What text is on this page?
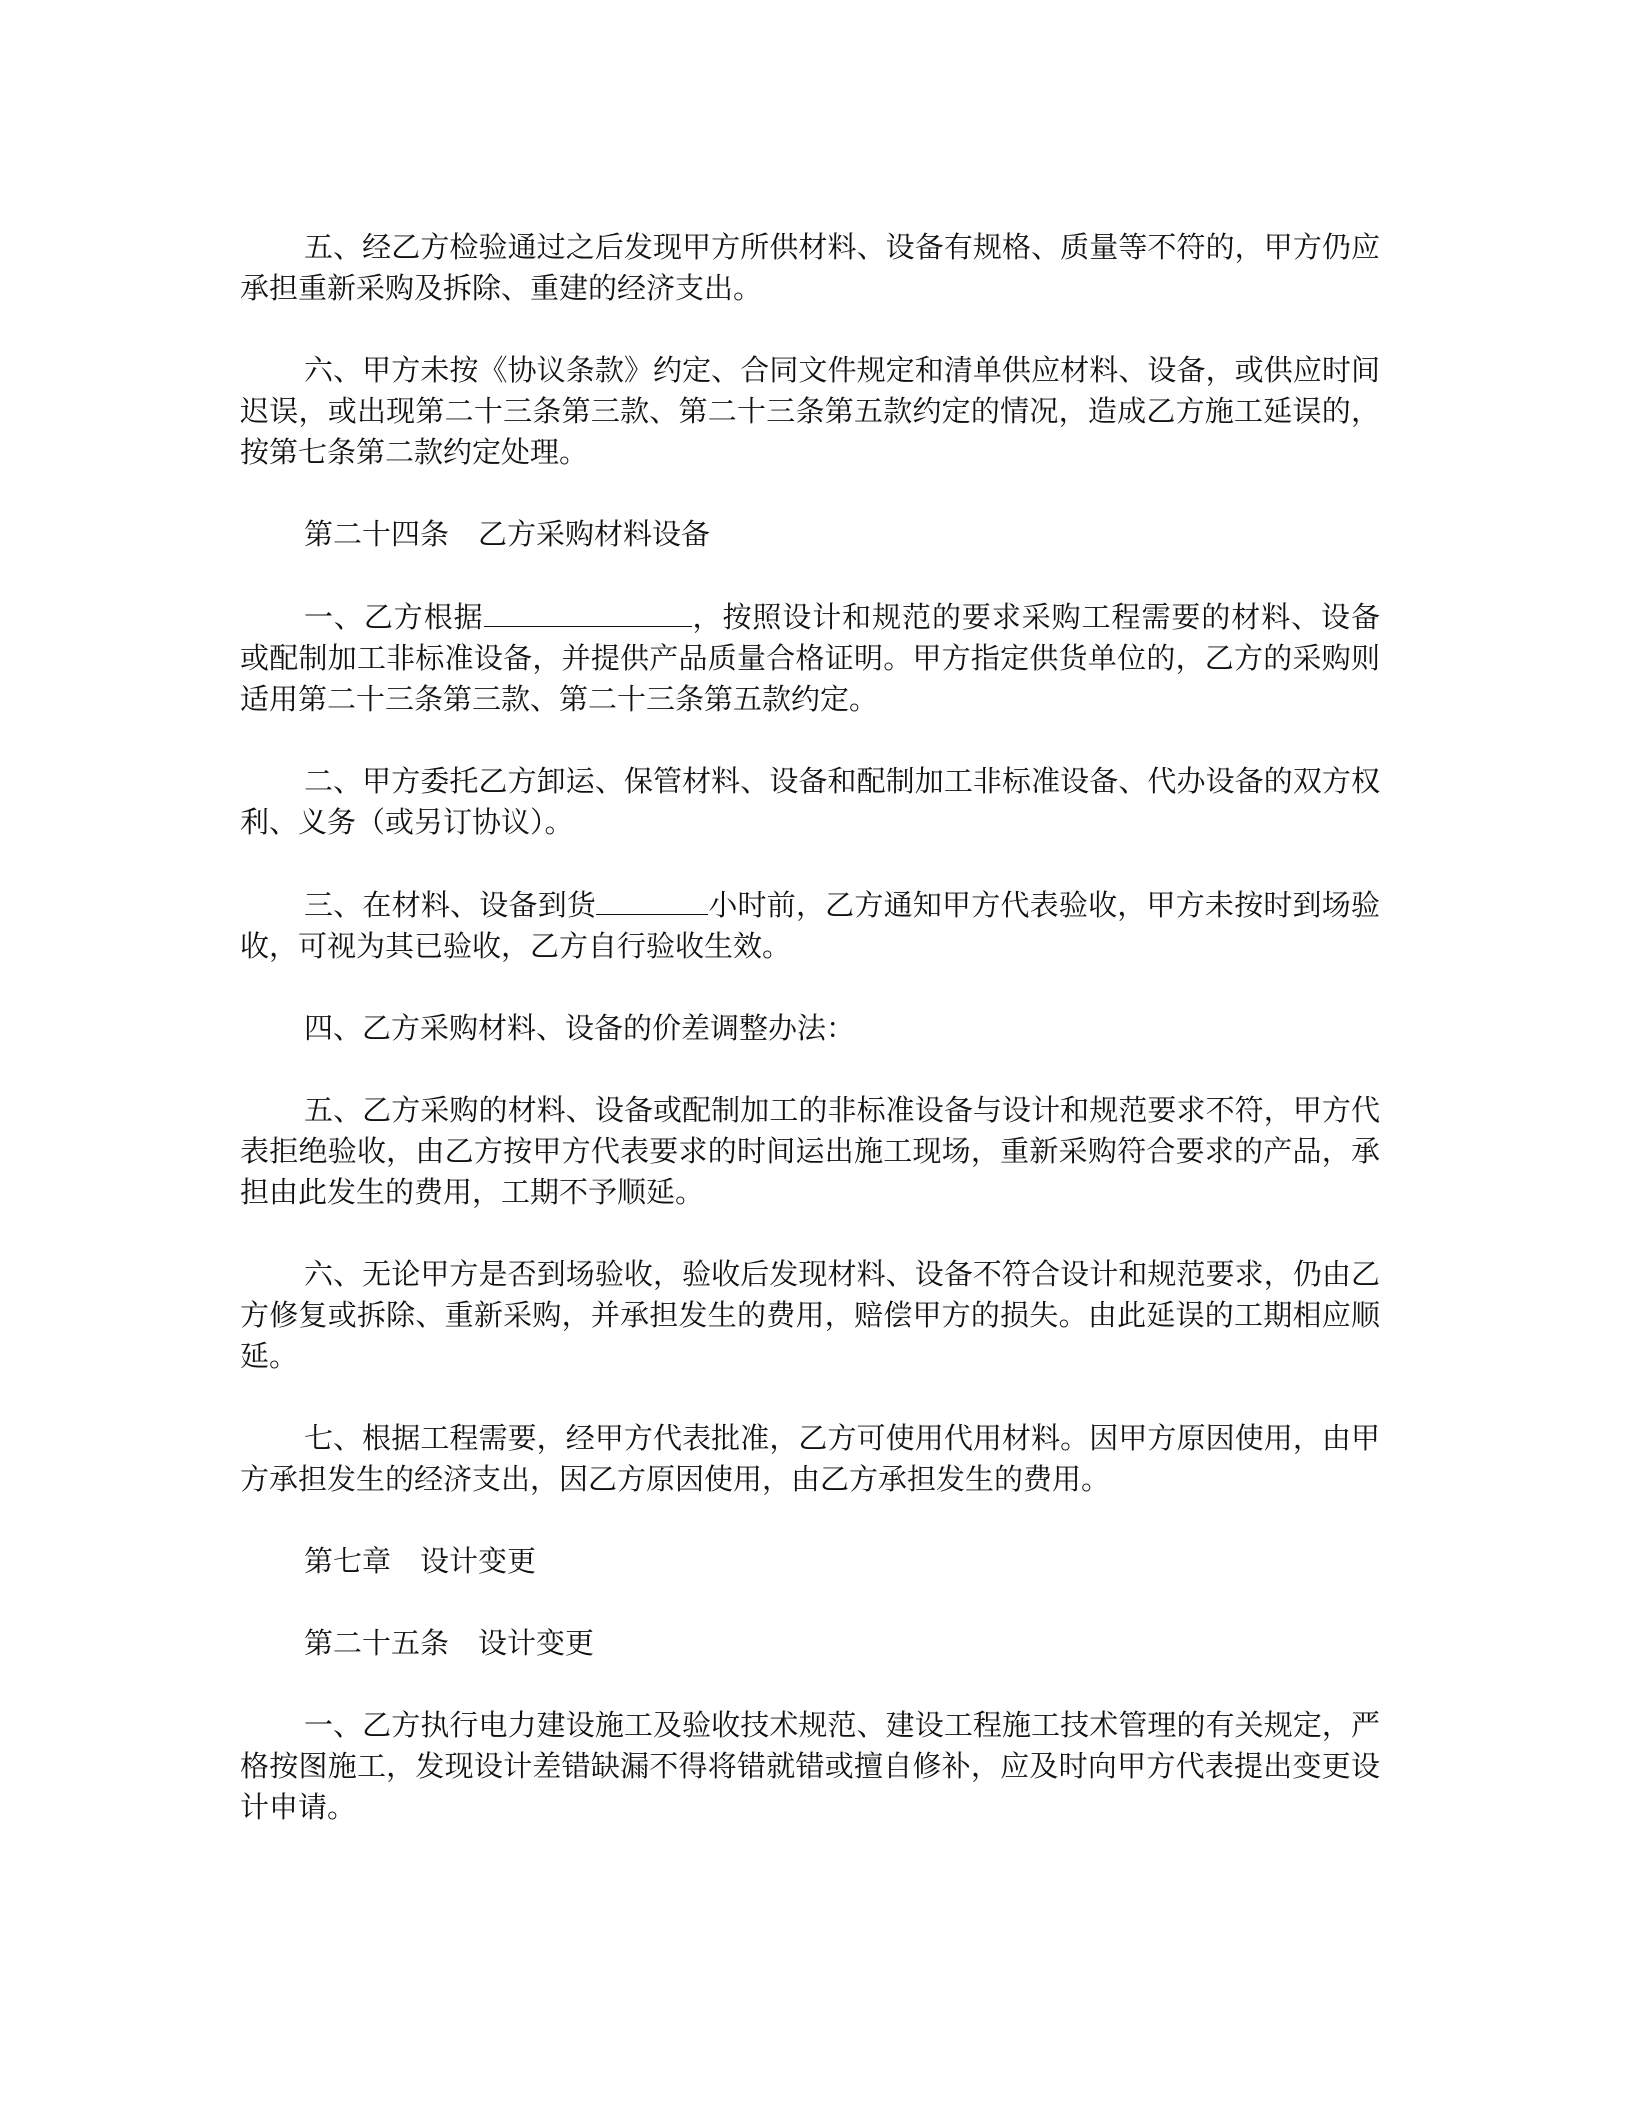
五、经乙方检验通过之后发现甲方所供材料、设备有规格、质量等不符的，甲方仍应承担重新采购及拆除、重建的经济支出。

六、甲方未按《协议条款》约定、合同文件规定和清单供应材料、设备，或供应时间迟误，或出现第二十三条第三款、第二十三条第五款约定的情况，造成乙方施工延误的，按第七条第二款约定处理。

第二十四条　乙方采购材料设备

一、乙方根据	，按照设计和规范的要求采购工程需要的材料、设备或配制加工非标准设备，并提供产品质量合格证明。甲方指定供货单位的，乙方的采购则适用第二十三条第三款、第二十三条第五款约定。

二、甲方委托乙方卸运、保管材料、设备和配制加工非标准设备、代办设备的双方权利、义务（或另订协议）。

三、在材料、设备到货	小时前，乙方通知甲方代表验收，甲方未按时到场验收，可视为其已验收，乙方自行验收生效。

四、乙方采购材料、设备的价差调整办法：

五、乙方采购的材料、设备或配制加工的非标准设备与设计和规范要求不符，甲方代表拒绝验收，由乙方按甲方代表要求的时间运出施工现场，重新采购符合要求的产品，承担由此发生的费用，工期不予顺延。

六、无论甲方是否到场验收，验收后发现材料、设备不符合设计和规范要求，仍由乙方修复或拆除、重新采购，并承担发生的费用，赔偿甲方的损失。由此延误的工期相应顺延。

七、根据工程需要，经甲方代表批准，乙方可使用代用材料。因甲方原因使用，由甲方承担发生的经济支出，因乙方原因使用，由乙方承担发生的费用。

第七章　设计变更

第二十五条　设计变更

一、乙方执行电力建设施工及验收技术规范、建设工程施工技术管理的有关规定，严格按图施工，发现设计差错缺漏不得将错就错或擅自修补，应及时向甲方代表提出变更设计申请。
